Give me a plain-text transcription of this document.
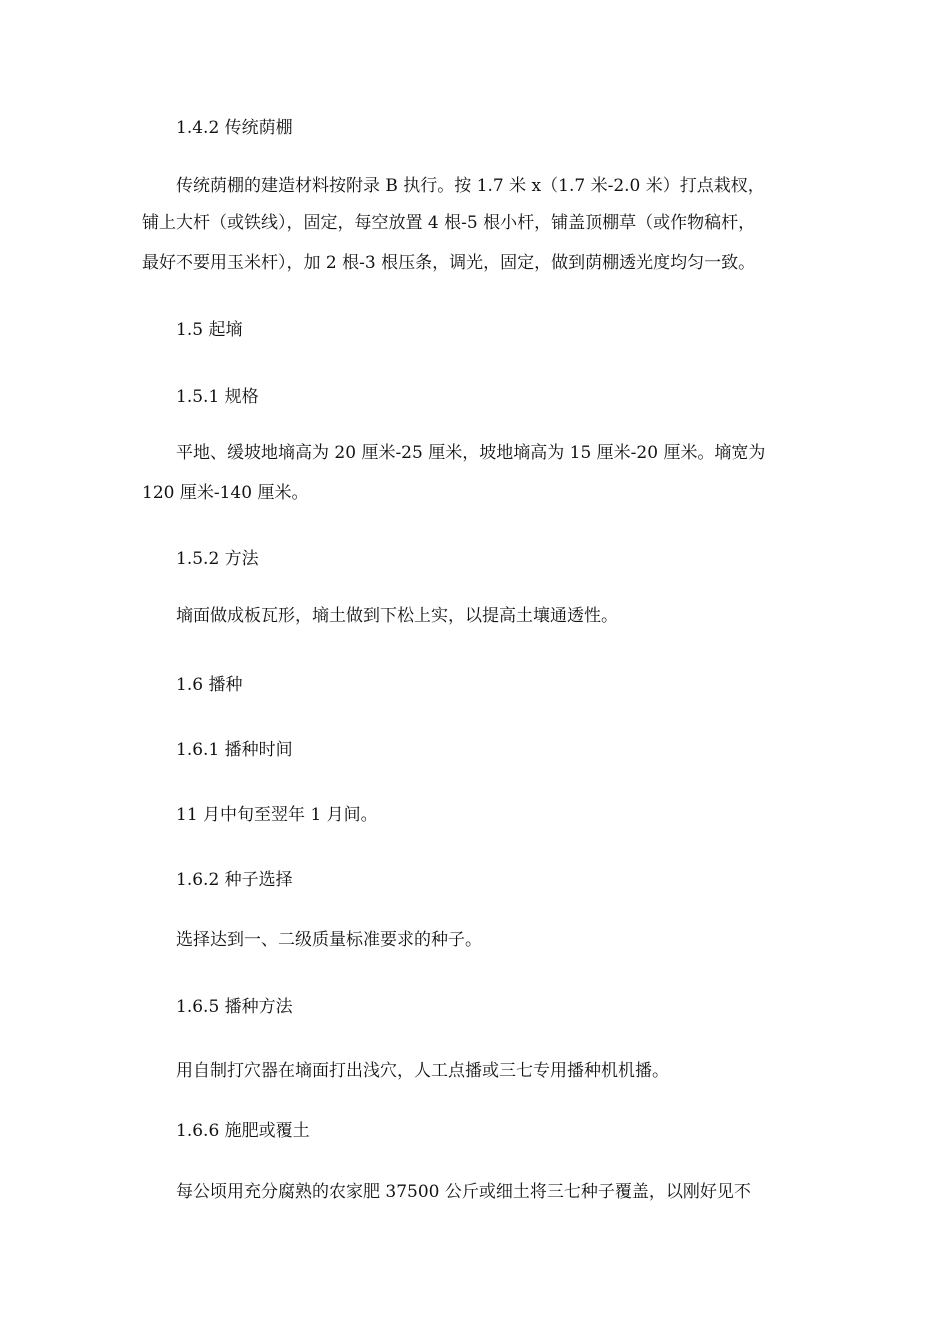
1.4.2 传统荫棚
传统荫棚的建造材料按附录 B 执行。按 1.7 米 x（1.7 米-2.0 米）打点栽杈，
铺上大杆（或铁线），固定，每空放置 4 根-5 根小杆，铺盖顶棚草（或作物稿杆，
最好不要用玉米杆），加 2 根-3 根压条，调光，固定，做到荫棚透光度均匀一致。
1.5 起墒
1.5.1 规格
平地、缓坡地墒高为 20 厘米-25 厘米，坡地墒高为 15 厘米-20 厘米。墒宽为
120 厘米-140 厘米。
1.5.2 方法
墒面做成板瓦形，墒土做到下松上实，以提高土壤通透性。
1.6 播种
1.6.1 播种时间
11 月中旬至翌年 1 月间。
1.6.2 种子选择
选择达到一、二级质量标准要求的种子。
1.6.5 播种方法
用自制打穴器在墒面打出浅穴，人工点播或三七专用播种机机播。
1.6.6 施肥或覆土
每公顷用充分腐熟的农家肥 37500 公斤或细土将三七种子覆盖，以刚好见不
